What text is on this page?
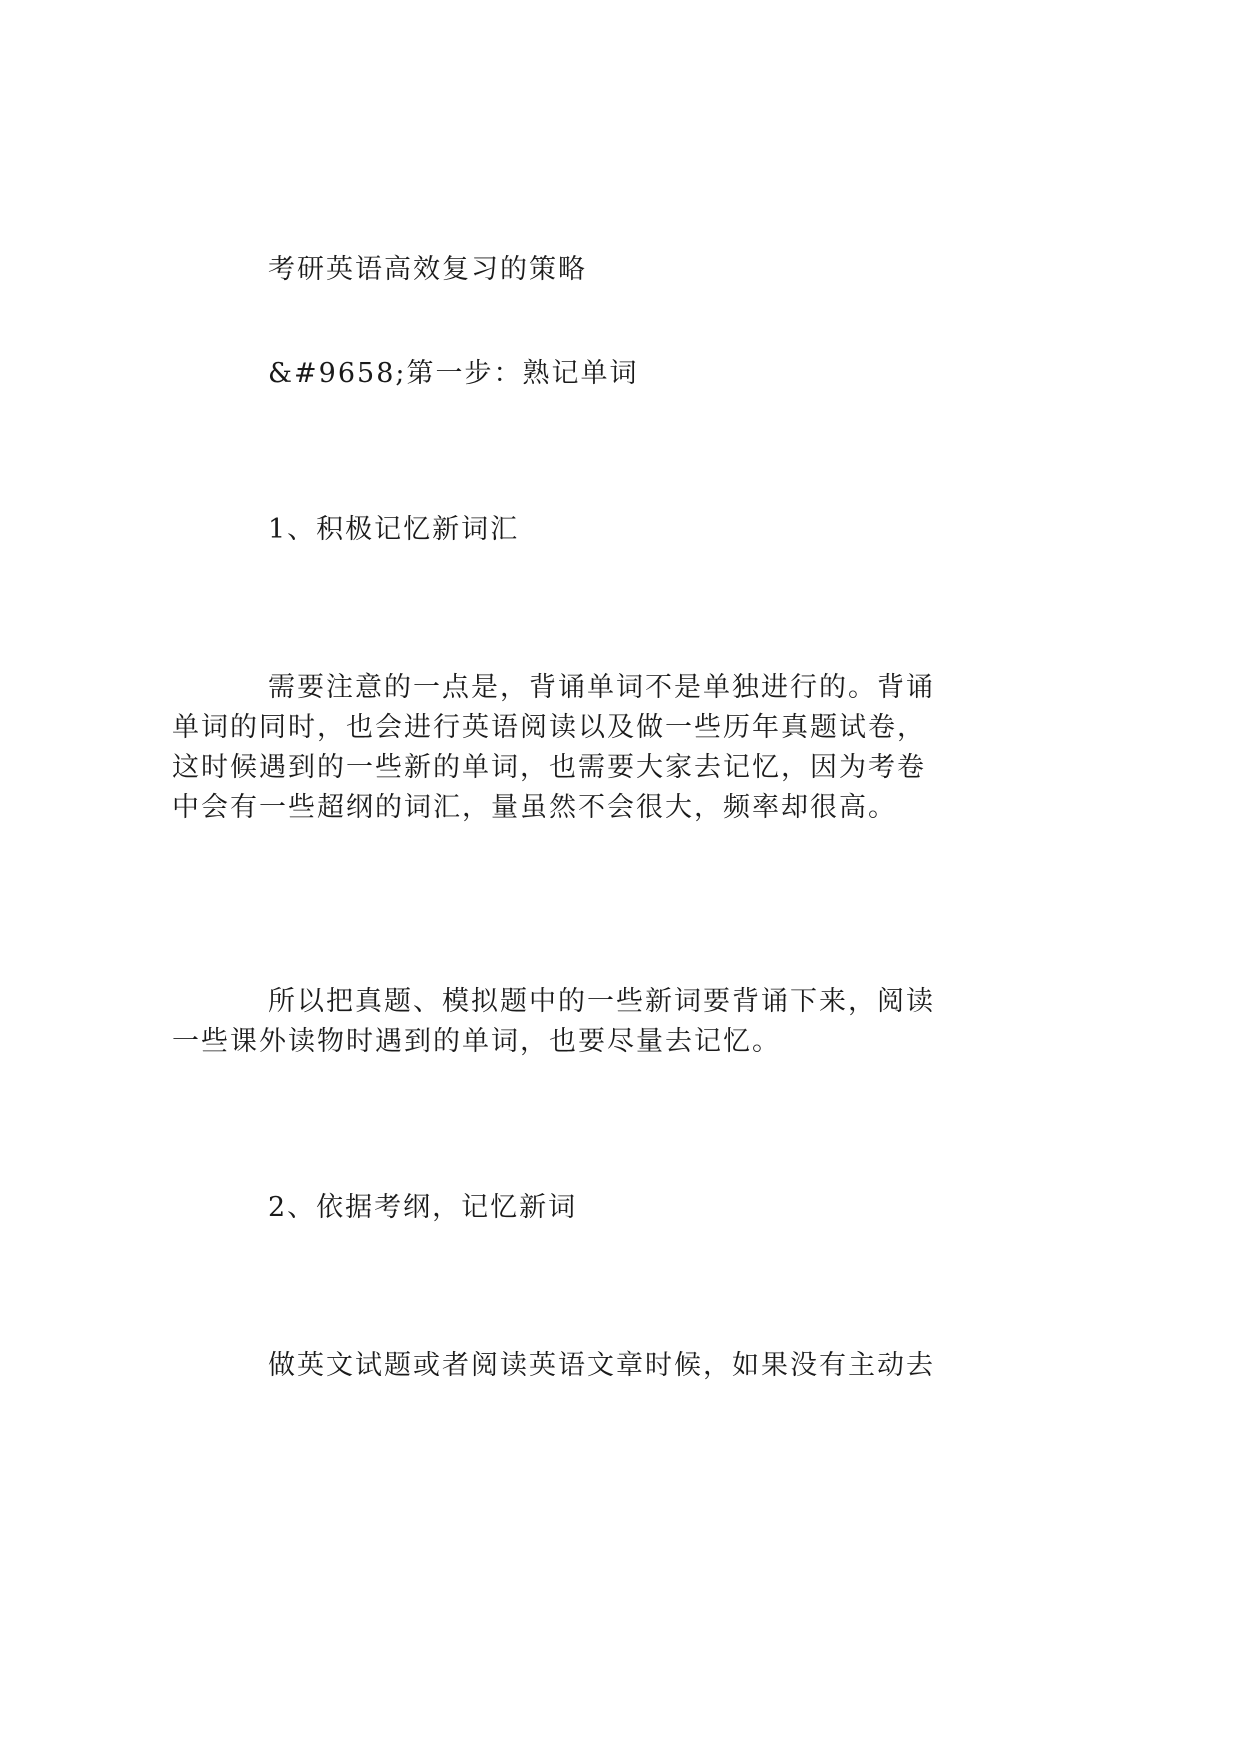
考研英语高效复习的策略
&#9658;第一步：熟记单词
1、积极记忆新词汇
需要注意的一点是，背诵单词不是单独进行的。背诵
单词的同时，也会进行英语阅读以及做一些历年真题试卷，
这时候遇到的一些新的单词，也需要大家去记忆，因为考卷
中会有一些超纲的词汇，量虽然不会很大，频率却很高。
所以把真题、模拟题中的一些新词要背诵下来，阅读
一些课外读物时遇到的单词，也要尽量去记忆。
2、依据考纲，记忆新词
做英文试题或者阅读英语文章时候，如果没有主动去
